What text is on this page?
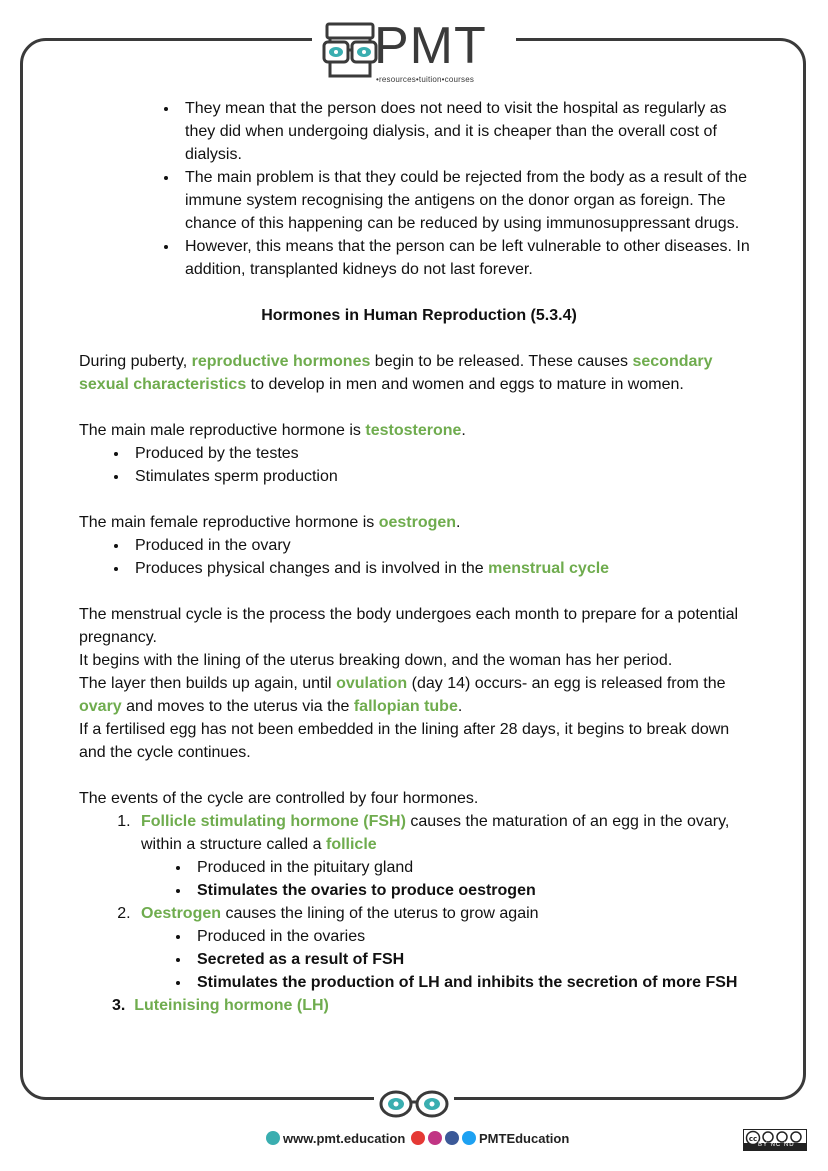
PMT
•resources•tuition•courses
• They mean that the person does not need to visit the hospital as regularly as they did when undergoing dialysis, and it is cheaper than the overall cost of dialysis.
• The main problem is that they could be rejected from the body as a result of the immune system recognising the antigens on the donor organ as foreign. The chance of this happening can be reduced by using immunosuppressant drugs.
• However, this means that the person can be left vulnerable to other diseases. In addition, transplanted kidneys do not last forever.

Hormones in Human Reproduction (5.3.4)

During puberty, reproductive hormones begin to be released. These causes secondary sexual characteristics to develop in men and women and eggs to mature in women.

The main male reproductive hormone is testosterone.

• Produced by the testes
• Stimulates sperm production

The main female reproductive hormone is oestrogen.

• Produced in the ovary
• Produces physical changes and is involved in the menstrual cycle

The menstrual cycle is the process the body undergoes each month to prepare for a potential pregnancy.

It begins with the lining of the uterus breaking down, and the woman has her period.

The layer then builds up again, until ovulation (day 14) occurs- an egg is released from the ovary and moves to the uterus via the fallopian tube.

If a fertilised egg has not been embedded in the lining after 28 days, it begins to break down and the cycle continues.

The events of the cycle are controlled by four hormones.

1. Follicle stimulating hormone (FSH) causes the maturation of an egg in the ovary, within a structure called a follicle
• Produced in the pituitary gland
• Stimulates the ovaries to produce oestrogen
2. Oestrogen causes the lining of the uterus to grow again
• Produced in the ovaries
• Secreted as a result of FSH
• Stimulates the production of LH and inhibits the secretion of more FSH

3. Luteinising hormone (LH)

www.pmt.education	PMTEducation	cc
BY NC ND
